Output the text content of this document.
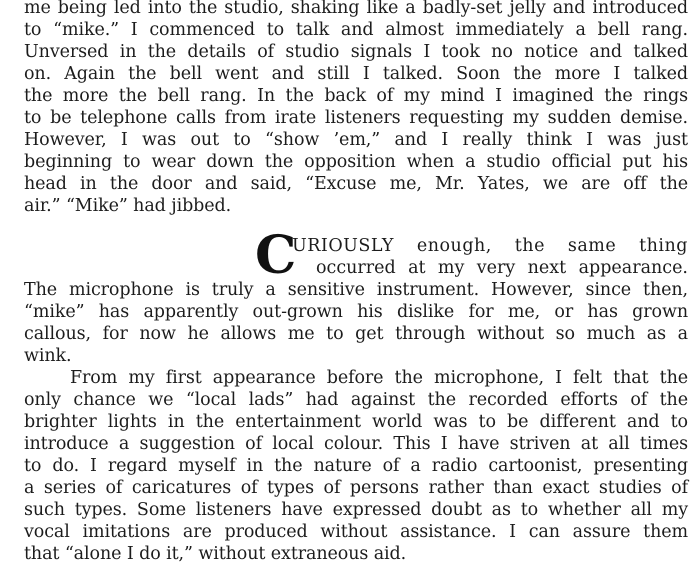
me being led into the studio, shaking like a badly-set jelly and introduced
to “mike.” I commenced to talk and almost immediately a bell rang.
Unversed in the details of studio signals I took no notice and talked
on. Again the bell went and still I talked. Soon the more I talked
the more the bell rang. In the back of my mind I imagined the rings
to be telephone calls from irate listeners requesting my sudden demise.
However, I was out to “show ’em,” and I really think I was just
beginning to wear down the opposition when a studio official put his
head in the door and said, “Excuse me, Mr. Yates, we are off the
air.” “Mike” had jibbed.
C
URIOUSLY enough, the same thing
occurred at my very next appearance.
The microphone is truly a sensitive instrument. However, since then,
“mike” has apparently out-grown his dislike for me, or has grown
callous, for now he allows me to get through without so much as a
wink.
From my first appearance before the microphone, I felt that the
only chance we “local lads” had against the recorded efforts of the
brighter lights in the entertainment world was to be different and to
introduce a suggestion of local colour. This I have striven at all times
to do. I regard myself in the nature of a radio cartoonist, presenting
a series of caricatures of types of persons rather than exact studies of
such types. Some listeners have expressed doubt as to whether all my
vocal imitations are produced without assistance. I can assure them
that “alone I do it,” without extraneous aid.
